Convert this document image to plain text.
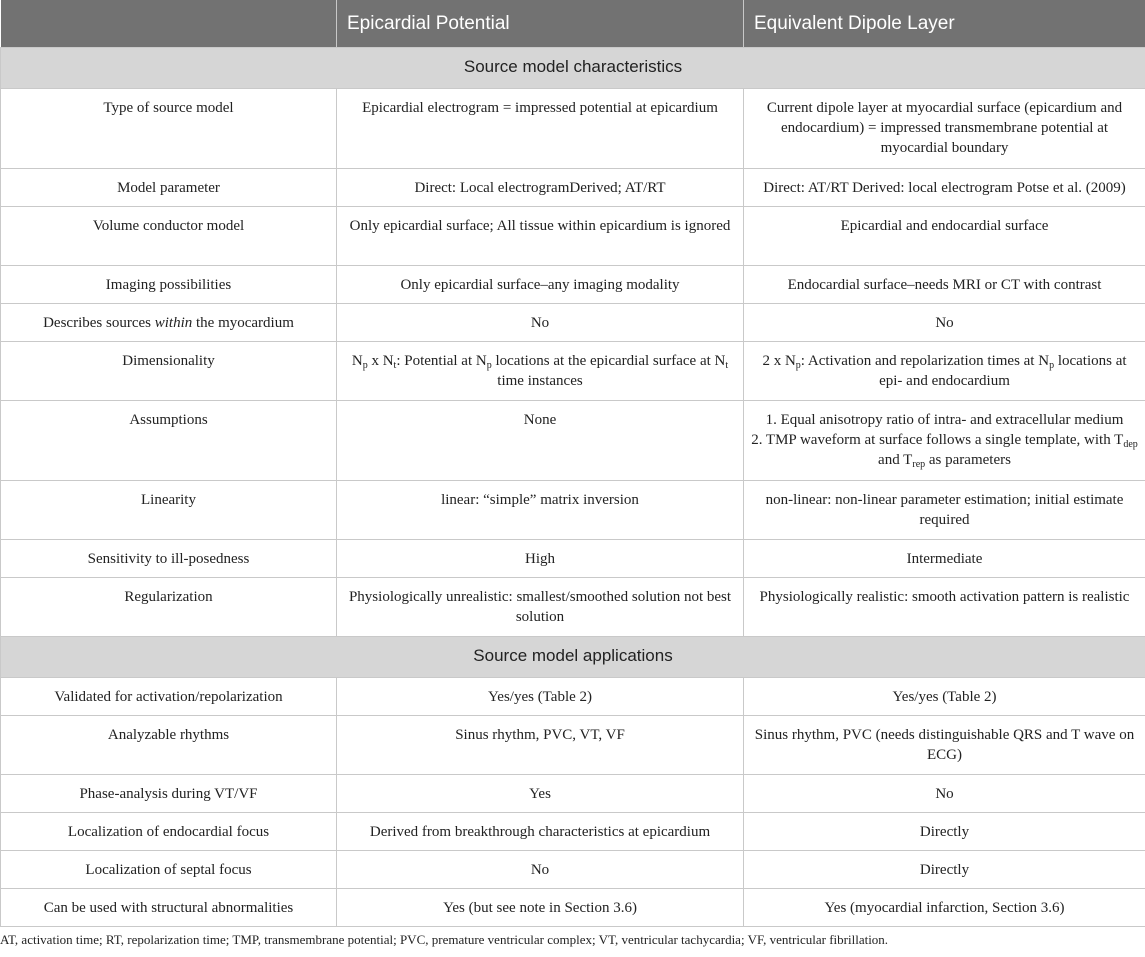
	Epicardial Potential	Equivalent Dipole Layer
Source model characteristics		
Type of source model	Epicardial electrogram = impressed potential at epicardium	Current dipole layer at myocardial surface (epicardium and endocardium) = impressed transmembrane potential at myocardial boundary
Model parameter	Direct: Local electrogramDerived; AT/RT	Direct: AT/RT Derived: local electrogram Potse et al. (2009)
Volume conductor model	Only epicardial surface; All tissue within epicardium is ignored	Epicardial and endocardial surface
Imaging possibilities	Only epicardial surface–any imaging modality	Endocardial surface–needs MRI or CT with contrast
Describes sources within the myocardium	No	No
Dimensionality	$N_p$ x $N_t$: Potential at $N_p$ locations at the epicardial surface at $N_t$ time instances	2 x $N_p$: Activation and repolarization times at $N_p$ locations at epi- and endocardium
Assumptions	None	1. Equal anisotropy ratio of intra- and extracellular medium
2. TMP waveform at surface follows a single template, with $T_{dep}$ and $T_{rep}$ as parameters

Linearity	linear: “simple” matrix inversion	non-linear: non-linear parameter estimation; initial estimate required
Sensitivity to ill-posedness	High	Intermediate
Regularization	Physiologically unrealistic: smallest/smoothed solution not best solution	Physiologically realistic: smooth activation pattern is realistic
Source model applications		
Validated for activation/repolarization	Yes/yes (Table 2)	Yes/yes (Table 2)
Analyzable rhythms	Sinus rhythm, PVC, VT, VF	Sinus rhythm, PVC (needs distinguishable QRS and T wave on ECG)
Phase-analysis during VT/VF	Yes	No
Localization of endocardial focus	Derived from breakthrough characteristics at epicardium	Directly
Localization of septal focus	No	Directly
Can be used with structural abnormalities	Yes (but see note in Section 3.6)	Yes (myocardial infarction, Section 3.6)

AT, activation time; RT, repolarization time; TMP, transmembrane potential; PVC, premature ventricular complex; VT, ventricular tachycardia; VF, ventricular fibrillation.
